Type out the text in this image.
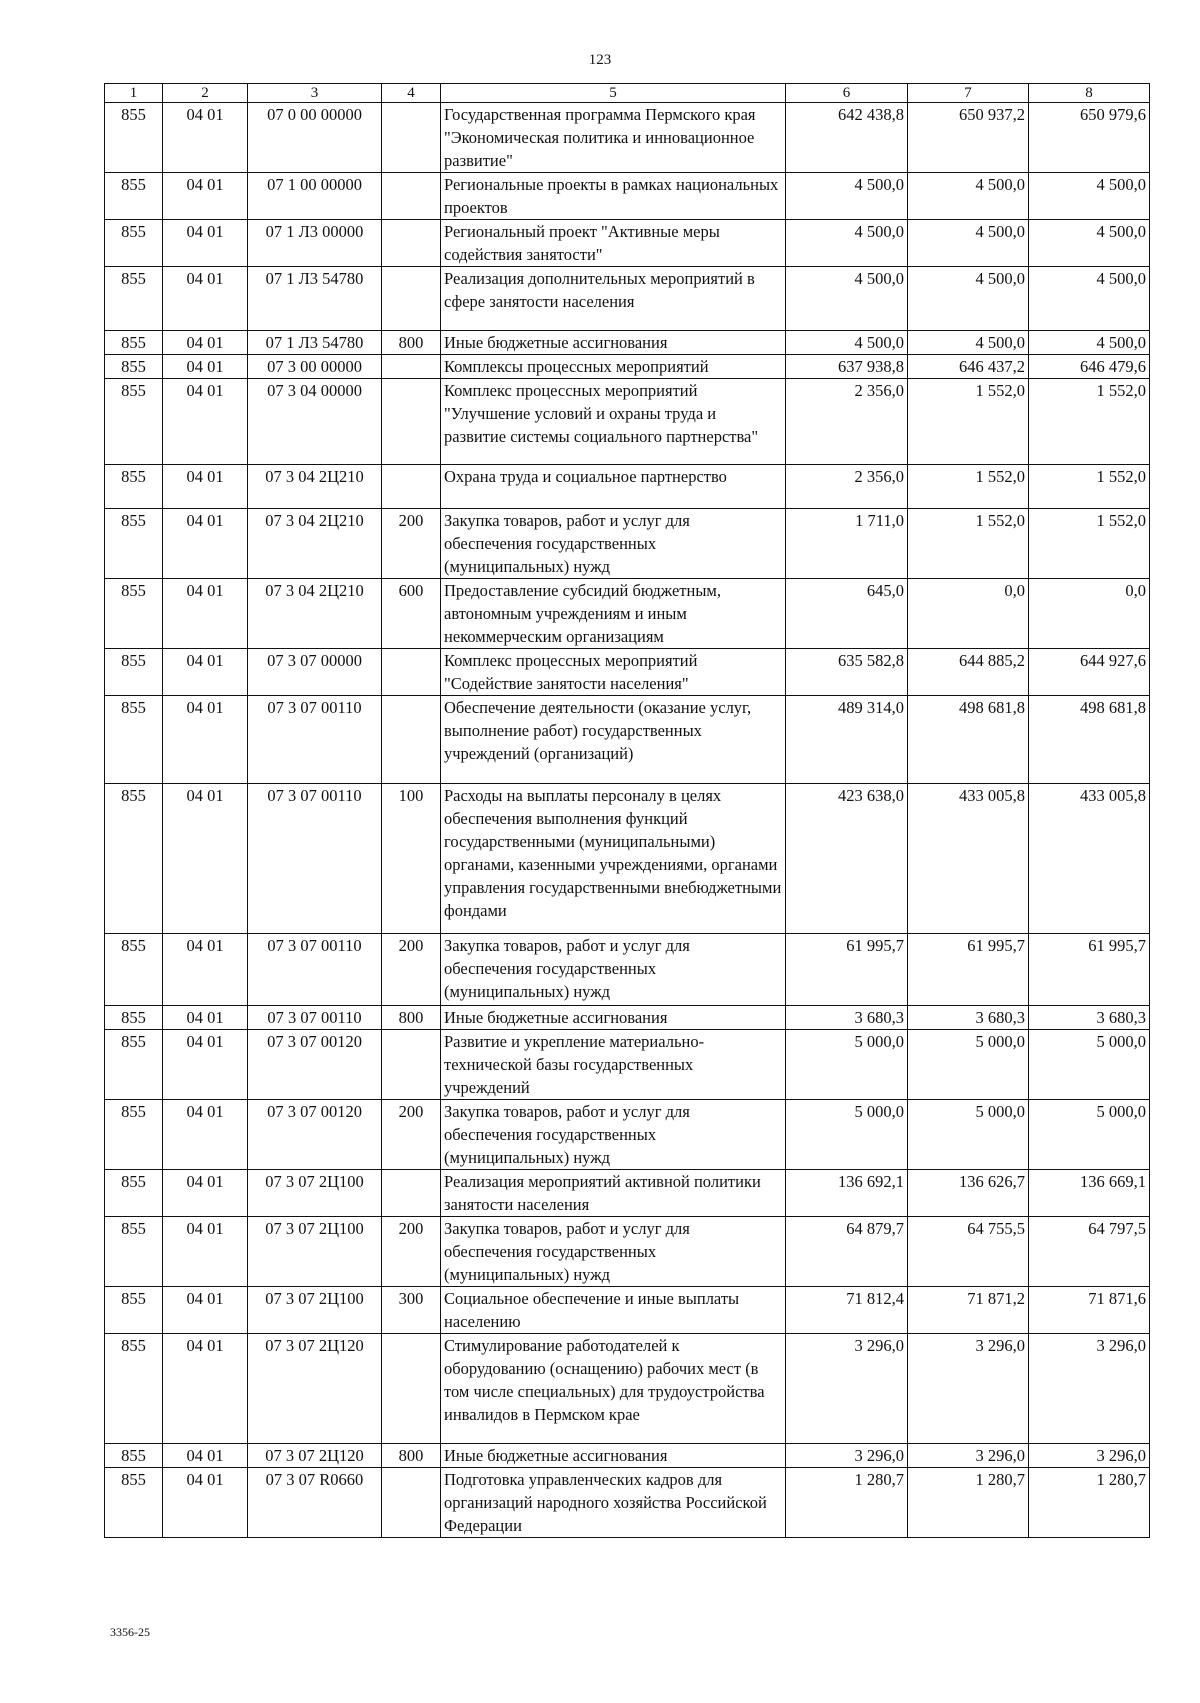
123
1	2	3	4	5	6	7	8
855	04 01	07 0 00 00000		Государственная программа Пермского края "Экономическая политика и инновационное развитие"	642 438,8	650 937,2	650 979,6
855	04 01	07 1 00 00000		Региональные проекты в рамках национальных проектов	4 500,0	4 500,0	4 500,0
855	04 01	07 1 Л3 00000		Региональный проект "Активные меры содействия занятости"	4 500,0	4 500,0	4 500,0
855	04 01	07 1 Л3 54780		Реализация дополнительных мероприятий в сфере занятости населения	4 500,0	4 500,0	4 500,0
855	04 01	07 1 Л3 54780	800	Иные бюджетные ассигнования	4 500,0	4 500,0	4 500,0
855	04 01	07 3 00 00000		Комплексы процессных мероприятий	637 938,8	646 437,2	646 479,6
855	04 01	07 3 04 00000		Комплекс процессных мероприятий "Улучшение условий и охраны труда и развитие системы социального партнерства"	2 356,0	1 552,0	1 552,0
855	04 01	07 3 04 2Ц210		Охрана труда и социальное партнерство	2 356,0	1 552,0	1 552,0
855	04 01	07 3 04 2Ц210	200	Закупка товаров, работ и услуг для обеспечения государственных (муниципальных) нужд	1 711,0	1 552,0	1 552,0
855	04 01	07 3 04 2Ц210	600	Предоставление субсидий бюджетным, автономным учреждениям и иным некоммерческим организациям	645,0	0,0	0,0
855	04 01	07 3 07 00000		Комплекс процессных мероприятий "Содействие занятости населения"	635 582,8	644 885,2	644 927,6
855	04 01	07 3 07 00110		Обеспечение деятельности (оказание услуг, выполнение работ) государственных учреждений (организаций)	489 314,0	498 681,8	498 681,8
855	04 01	07 3 07 00110	100	Расходы на выплаты персоналу в целях обеспечения выполнения функций государственными (муниципальными) органами, казенными учреждениями, органами управления государственными внебюджетными фондами	423 638,0	433 005,8	433 005,8
855	04 01	07 3 07 00110	200	Закупка товаров, работ и услуг для обеспечения государственных (муниципальных) нужд	61 995,7	61 995,7	61 995,7
855	04 01	07 3 07 00110	800	Иные бюджетные ассигнования	3 680,3	3 680,3	3 680,3
855	04 01	07 3 07 00120		Развитие и укрепление материально-технической базы государственных учреждений	5 000,0	5 000,0	5 000,0
855	04 01	07 3 07 00120	200	Закупка товаров, работ и услуг для обеспечения государственных (муниципальных) нужд	5 000,0	5 000,0	5 000,0
855	04 01	07 3 07 2Ц100		Реализация мероприятий активной политики занятости населения	136 692,1	136 626,7	136 669,1
855	04 01	07 3 07 2Ц100	200	Закупка товаров, работ и услуг для обеспечения государственных (муниципальных) нужд	64 879,7	64 755,5	64 797,5
855	04 01	07 3 07 2Ц100	300	Социальное обеспечение и иные выплаты населению	71 812,4	71 871,2	71 871,6
855	04 01	07 3 07 2Ц120		Стимулирование работодателей к оборудованию (оснащению) рабочих мест (в том числе специальных) для трудоустройства инвалидов в Пермском крае	3 296,0	3 296,0	3 296,0
855	04 01	07 3 07 2Ц120	800	Иные бюджетные ассигнования	3 296,0	3 296,0	3 296,0
855	04 01	07 3 07 R0660		Подготовка управленческих кадров для организаций народного хозяйства Российской Федерации	1 280,7	1 280,7	1 280,7
3356-25
